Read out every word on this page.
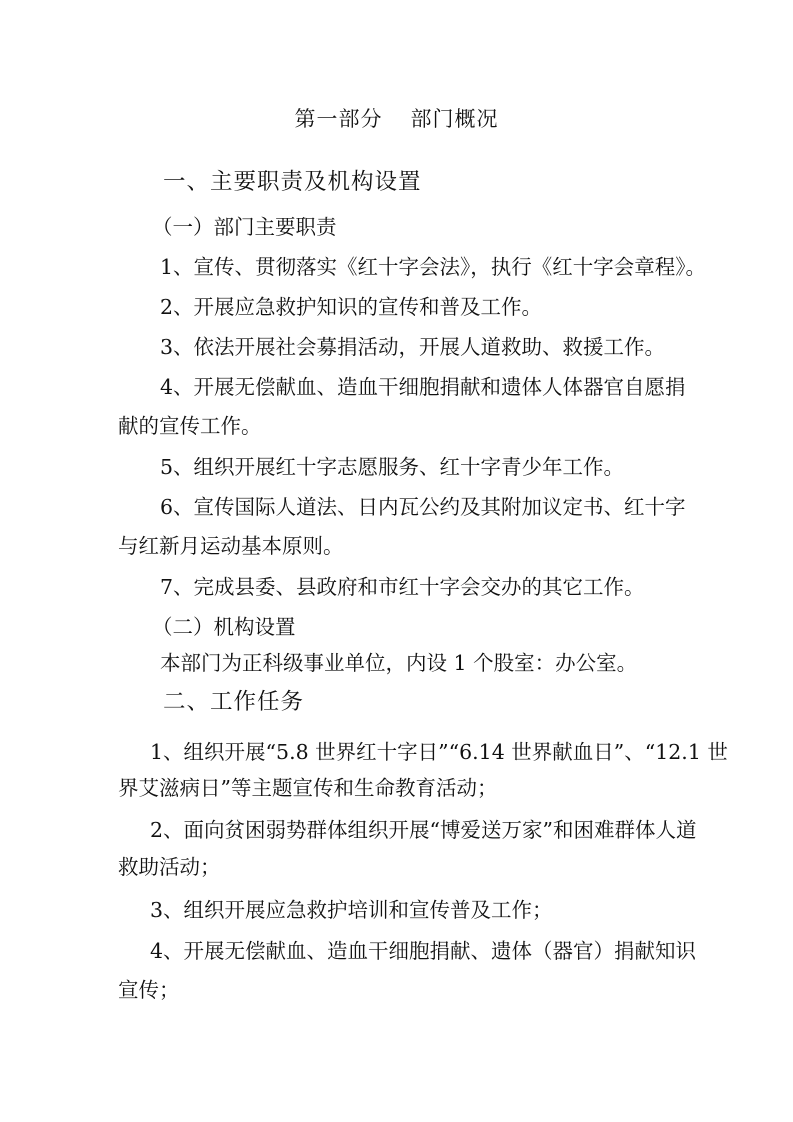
第一部分 部门概况
一、主要职责及机构设置
（一）部门主要职责
1、宣传、贯彻落实《红十字会法》，执行《红十字会章程》。
2、开展应急救护知识的宣传和普及工作。
3、依法开展社会募捐活动，开展人道救助、救援工作。
4、开展无偿献血、造血干细胞捐献和遗体人体器官自愿捐
献的宣传工作。
5、组织开展红十字志愿服务、红十字青少年工作。
6、宣传国际人道法、日内瓦公约及其附加议定书、红十字
与红新月运动基本原则。
7、完成县委、县政府和市红十字会交办的其它工作。
（二）机构设置
本部门为正科级事业单位，内设 1 个股室：办公室。
二、工作任务
1、组织开展“5.8 世界红十字日”“6.14 世界献血日”、“12.1 世
界艾滋病日”等主题宣传和生命教育活动；
2、面向贫困弱势群体组织开展“博爱送万家”和困难群体人道
救助活动；
3、组织开展应急救护培训和宣传普及工作；
4、开展无偿献血、造血干细胞捐献、遗体（器官）捐献知识
宣传；
